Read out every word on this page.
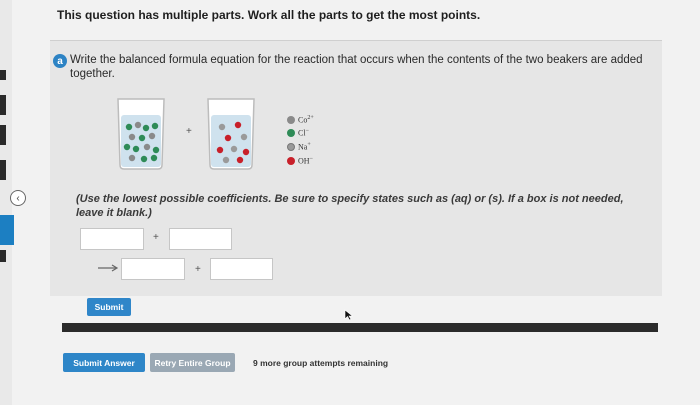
‹
This question has multiple parts. Work all the parts to get the most points.
a Write the balanced formula equation for the reaction that occurs when the contents of the two beakers are added together.
+
$Co^{2+}$
Cl−
Na+
OH−
(Use the lowest possible coefficients. Be sure to specify states such as (aq) or (s). If a box is not needed, leave it blank.)
+
+
Submit
Submit Answer	Retry Entire Group	9 more group attempts remaining
